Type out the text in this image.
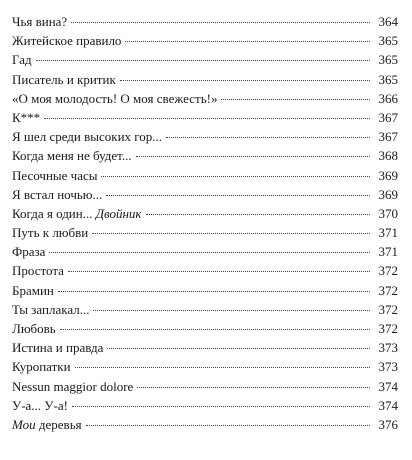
Чья вина?	364
Житейское правило	365
Гад	365
Писатель и критик	365
«О моя молодость! О моя свежесть!»	366
К***	367
Я шел среди высоких гор...	367
Когда меня не будет...	368
Песочные часы	369
Я встал ночью...	369
Когда я один... Двойник	370
Путь к любви	371
Фраза	371
Простота	372
Брамин	372
Ты заплакал...	372
Любовь	372
Истина и правда	373
Куропатки	373
Nessun maggior dolore	374
У-а... У-а!	374
Мои деревья	376
